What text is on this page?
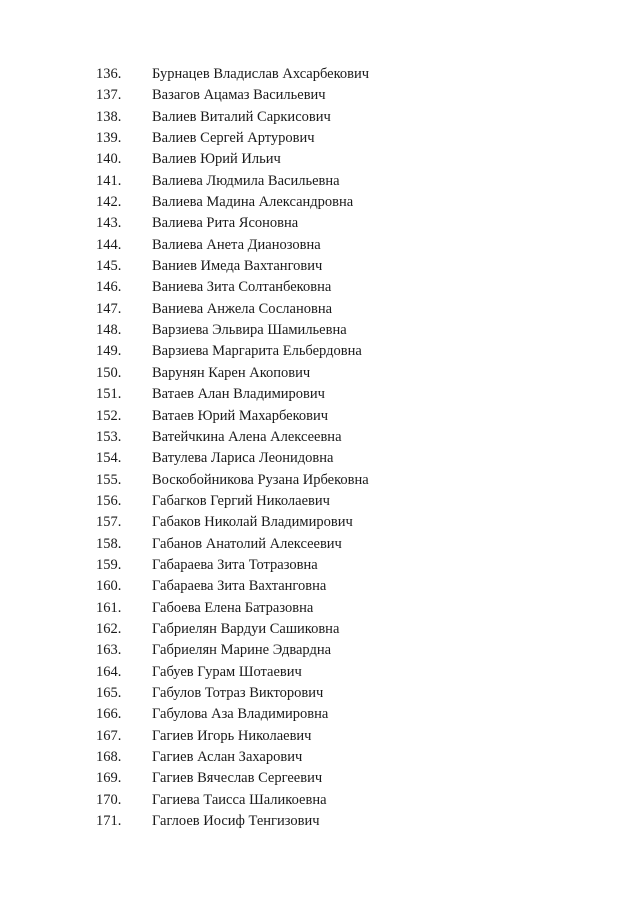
136.	Бурнацев Владислав Ахсарбекович
137.	Вазагов Ацамаз Васильевич
138.	Валиев Виталий Саркисович
139.	Валиев Сергей Артурович
140.	Валиев Юрий Ильич
141.	Валиева Людмила Васильевна
142.	Валиева Мадина Александровна
143.	Валиева Рита Ясоновна
144.	Валиева Анета Дианозовна
145.	Ваниев Имеда Вахтангович
146.	Ваниева Зита Солтанбековна
147.	Ваниева Анжела Сослановна
148.	Варзиева Эльвира Шамильевна
149.	Варзиева Маргарита Ельбердовна
150.	Варунян Карен Акопович
151.	Ватаев Алан Владимирович
152.	Ватаев Юрий Махарбекович
153.	Ватейчкина Алена Алексеевна
154.	Ватулева Лариса Леонидовна
155.	Воскобойникова Рузана Ирбековна
156.	Габагков Гергий Николаевич
157.	Габаков Николай Владимирович
158.	Габанов Анатолий Алексеевич
159.	Габараева Зита Тотразовна
160.	Габараева Зита Вахтанговна
161.	Габоева Елена Батразовна
162.	Габриелян Вардуи Сашиковна
163.	Габриелян Марине Эдвардна
164.	Габуев Гурам Шотаевич
165.	Габулов Тотраз Викторович
166.	Габулова Аза Владимировна
167.	Гагиев Игорь Николаевич
168.	Гагиев Аслан Захарович
169.	Гагиев Вячеслав Сергеевич
170.	Гагиева Таисса Шаликоевна
171.	Гаглоев Иосиф Тенгизович
